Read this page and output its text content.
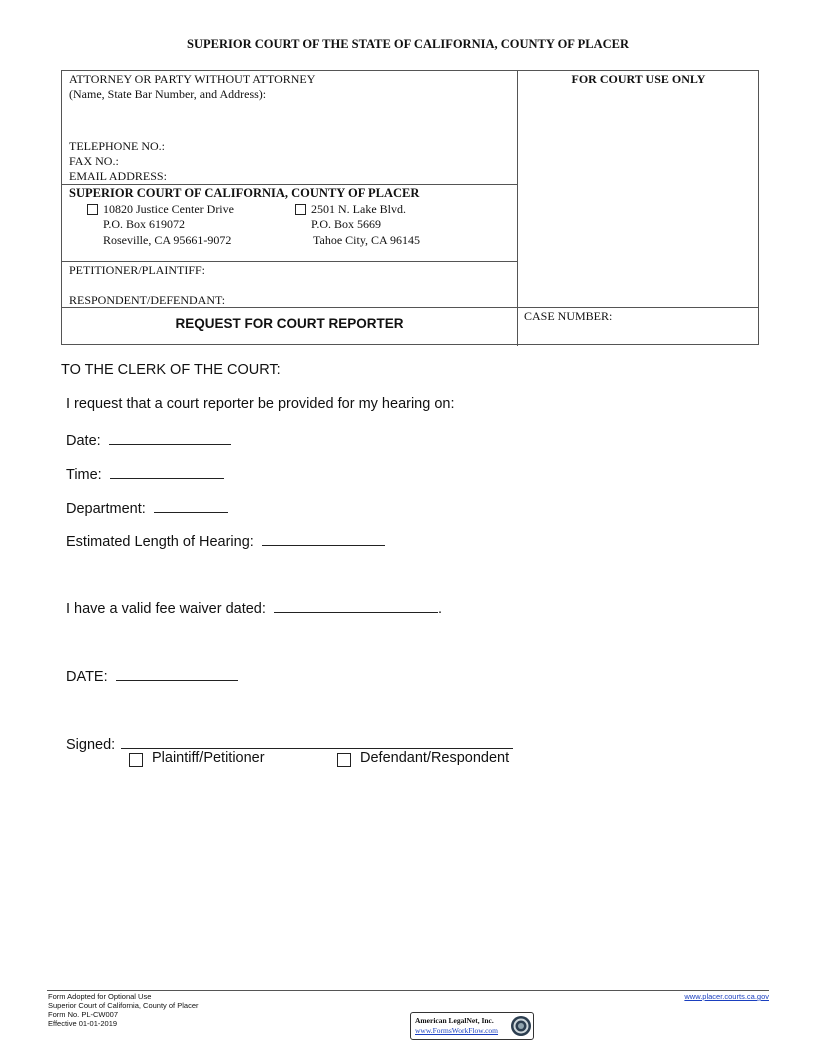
SUPERIOR COURT OF THE STATE OF CALIFORNIA, COUNTY OF PLACER
ATTORNEY OR PARTY WITHOUT ATTORNEY
(Name, State Bar Number, and Address):
TELEPHONE NO.:
FAX NO.:
EMAIL ADDRESS:
FOR COURT USE ONLY
SUPERIOR COURT OF CALIFORNIA, COUNTY OF PLACER
10820 Justice Center Drive
P.O. Box 619072
Roseville, CA 95661-9072
2501 N. Lake Blvd.
P.O. Box 5669
Tahoe City, CA 96145
PETITIONER/PLAINTIFF:
RESPONDENT/DEFENDANT:
REQUEST FOR COURT REPORTER	CASE NUMBER:
TO THE CLERK OF THE COURT:
I request that a court reporter be provided for my hearing on:
Date:
Time:
Department:
Estimated Length of Hearing:
I have a valid fee waiver dated:	.
DATE:
Signed:
Plaintiff/Petitioner	Defendant/Respondent
Form Adopted for Optional Use
Superior Court of California, County of Placer
Form No. PL-CW007
Effective 01-01-2019
www.placer.courts.ca.gov
American LegalNet, Inc.
www.FormsWorkFlow.com
